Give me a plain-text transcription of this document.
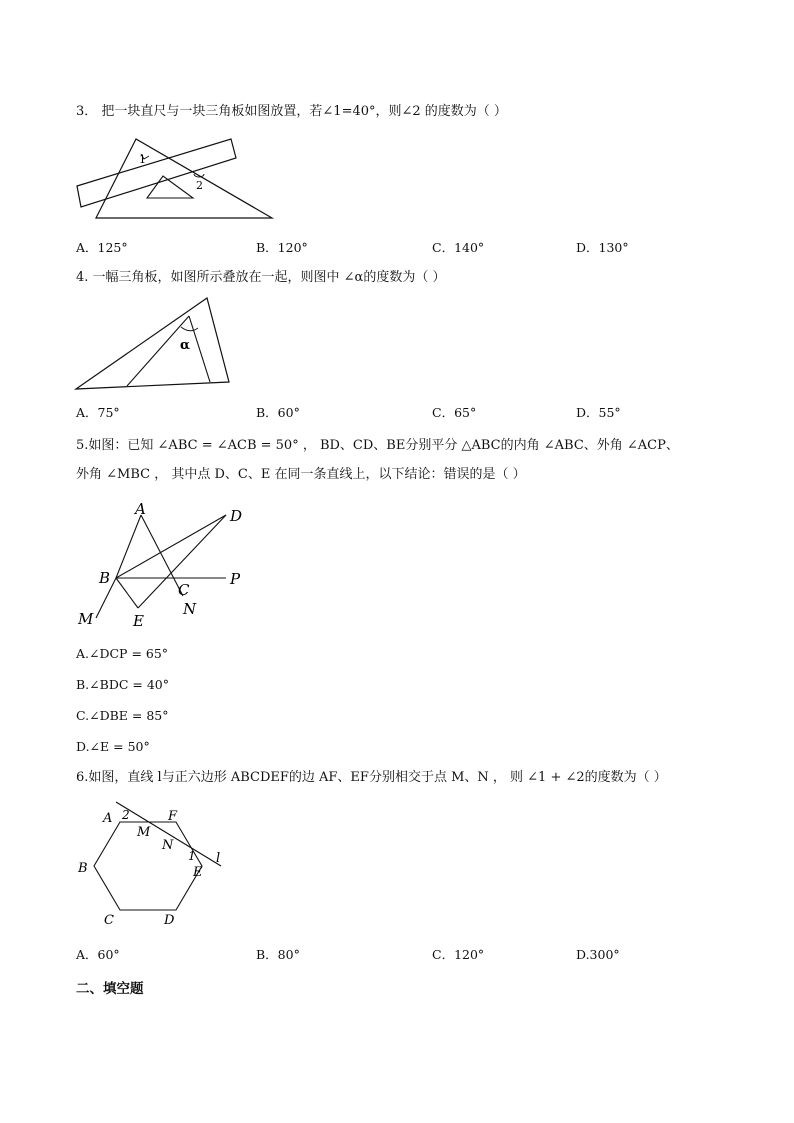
3． 把一块直尺与一块三角板如图放置，若∠1=40°，则∠2 的度数为（ ）
1
2
A．125°	B．120°	C．140°	D．130°
4. 一幅三角板，如图所示叠放在一起，则图中 ∠α的度数为（ ）
α
A．75°	B．60°	C．65°	D．55°
5.如图：已知 ∠ABC = ∠ACB = 50° ， BD、CD、BE分别平分 △ABC的内角 ∠ABC、外角 ∠ACP、
外角 ∠MBC ， 其中点 D、C、E 在同一条直线上，以下结论：错误的是（ ）
A	D
B
C
P
M	E
N
A.∠DCP = 65°
B.∠BDC = 40°
C.∠DBE = 85°
D.∠E = 50°
6.如图，直线 l与正六边形 ABCDEF的边 AF、EF分别相交于点 M、N ， 则 ∠1 + ∠2的度数为（ ）
A 2
M
F
N
1 l
B	E
C	D
A．60°	B．80°	C．120°	D.300°
二、填空题
